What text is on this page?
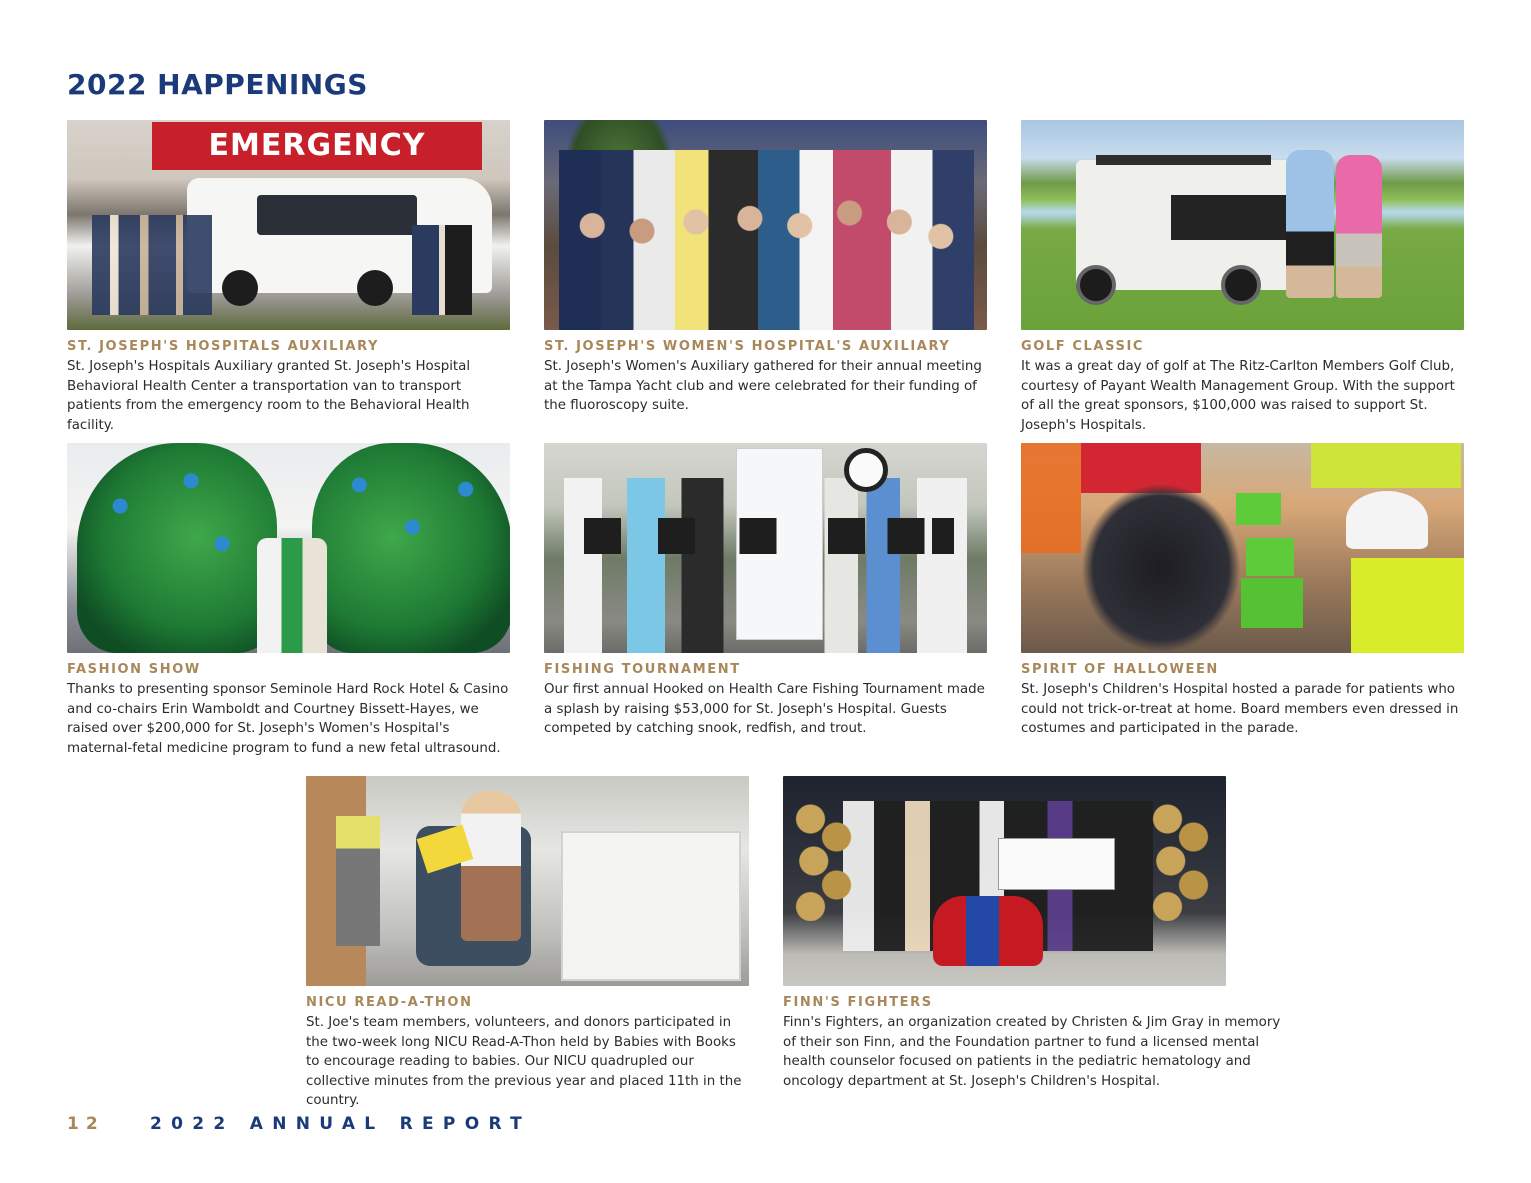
2022 HAPPENINGS
EMERGENCY
ST. JOSEPH'S HOSPITALS AUXILIARY

St. Joseph's Hospitals Auxiliary granted St. Joseph's Hospital Behavioral Health Center a transportation van to transport patients from the emergency room to the Behavioral Health facility.

ST. JOSEPH'S WOMEN'S HOSPITAL'S AUXILIARY

St. Joseph's Women's Auxiliary gathered for their annual meeting at the Tampa Yacht club and were celebrated for their funding of the fluoroscopy suite.

GOLF CLASSIC

It was a great day of golf at The Ritz-Carlton Members Golf Club, courtesy of Payant Wealth Management Group. With the support of all the great sponsors, $100,000 was raised to support St. Joseph's Hospitals.

FASHION SHOW

Thanks to presenting sponsor Seminole Hard Rock Hotel & Casino and co-chairs Erin Wamboldt and Courtney Bissett-Hayes, we raised over $200,000 for St. Joseph's Women's Hospital's maternal-fetal medicine program to fund a new fetal ultrasound.

FISHING TOURNAMENT

Our first annual Hooked on Health Care Fishing Tournament made a splash by raising $53,000 for St. Joseph's Hospital. Guests competed by catching snook, redfish, and trout.

SPIRIT OF HALLOWEEN

St. Joseph's Children's Hospital hosted a parade for patients who could not trick-or-treat at home. Board members even dressed in costumes and participated in the parade.

NICU READ-A-THON

St. Joe's team members, volunteers, and donors participated in the two-week long NICU Read-A-Thon held by Babies with Books to encourage reading to babies. Our NICU quadrupled our collective minutes from the previous year and placed 11th in the country.

FINN'S FIGHTERS

Finn's Fighters, an organization created by Christen & Jim Gray in memory of their son Finn, and the Foundation partner to fund a licensed mental health counselor focused on patients in the pediatric hematology and oncology department at St. Joseph's Children's Hospital.

12	2022 ANNUAL REPORT
